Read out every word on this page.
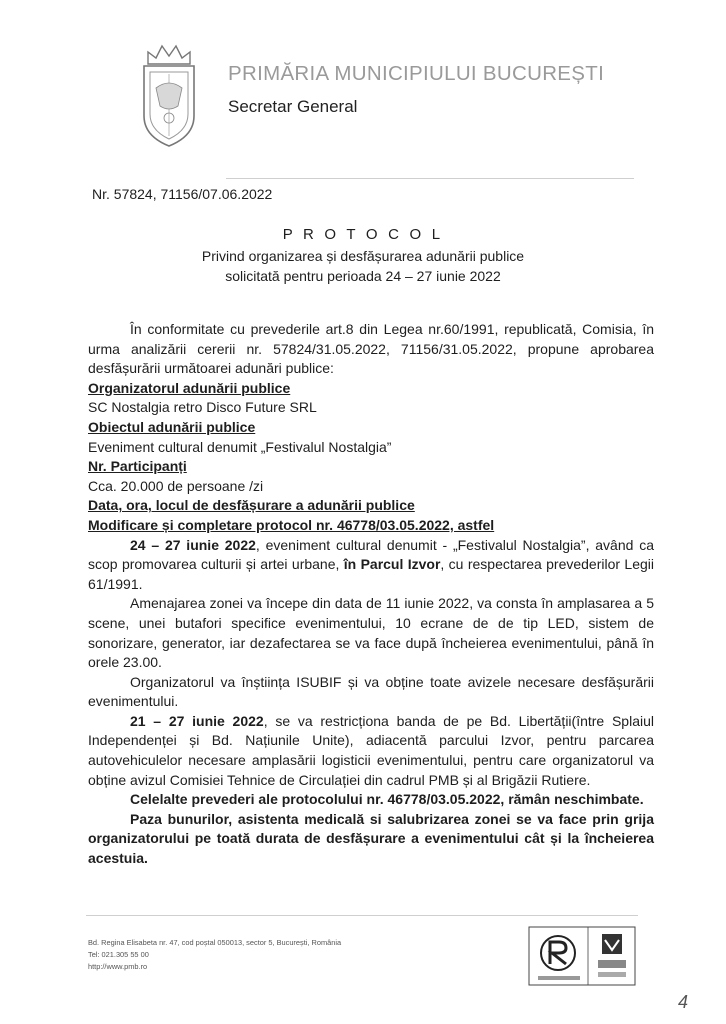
PRIMĂRIA MUNICIPIULUI BUCUREȘTI
Secretar General
Nr. 57824, 71156/07.06.2022
P R O T O C O L
Privind organizarea și desfășurarea adunării publice
solicitată pentru perioada 24 – 27 iunie 2022

În conformitate cu prevederile art.8 din Legea nr.60/1991, republicată, Comisia, în urma analizării cererii nr. 57824/31.05.2022, 71156/31.05.2022, propune aprobarea desfășurării următoarei adunări publice:

Organizatorul adunării publice

SC Nostalgia retro Disco Future SRL

Obiectul adunării publice

Eveniment cultural denumit „Festivalul Nostalgia”

Nr. Participanți

Cca. 20.000 de persoane /zi

Data, ora, locul de desfășurare a adunării publice

Modificare și completare protocol nr. 46778/03.05.2022, astfel

24 – 27 iunie 2022, eveniment cultural denumit - „Festivalul Nostalgia”, având ca scop promovarea culturii și artei urbane, în Parcul Izvor, cu respectarea prevederilor Legii 61/1991.

Amenajarea zonei va începe din data de 11 iunie 2022, va consta în amplasarea a 5 scene, unei butafori specifice evenimentului, 10 ecrane de de tip LED, sistem de sonorizare, generator, iar dezafectarea se va face după încheierea evenimentului, până în orele 23.00.

Organizatorul va înștiința ISUBIF și va obține toate avizele necesare desfășurării evenimentului.

21 – 27 iunie 2022, se va restricționa banda de pe Bd. Libertății(între Splaiul Independenței și Bd. Națiunile Unite), adiacentă parcului Izvor, pentru parcarea autovehiculelor necesare amplasării logisticii evenimentului, pentru care organizatorul va obține avizul Comisiei Tehnice de Circulației din cadrul PMB și al Brigăzii Rutiere.

Celelalte prevederi ale protocolului nr. 46778/03.05.2022, rămân neschimbate.

Paza bunurilor, asistenta medicală si salubrizarea zonei se va face prin grija organizatorului pe toată durata de desfășurare a evenimentului cât și la încheierea acestuia.

Bd. Regina Elisabeta nr. 47, cod poștal 050013, sector 5, București, România
Tel: 021.305 55 00
http://www.pmb.ro
4
